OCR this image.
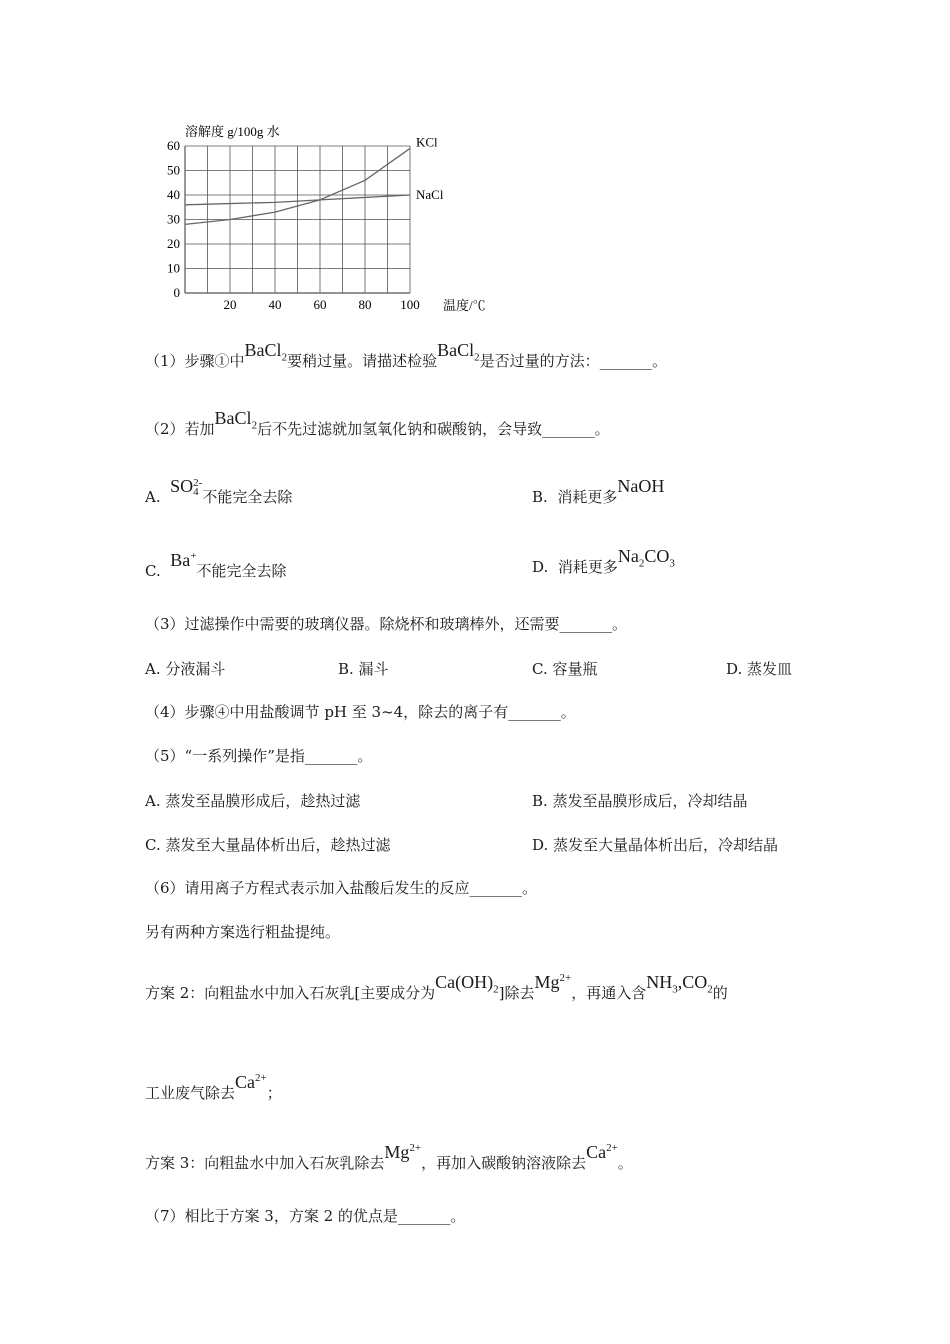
0
10
20
30
40
50
60
20 40 60 80 100
KCl
NaCl
溶解度 g/100g 水
温度/℃
（1）步骤①中BaCl$_2$要稍过量。请描述检验BaCl$_2$是否过量的方法：_______。
（2）若加BaCl$_2$后不先过滤就加氢氧化钠和碳酸钠，会导致_______。
A.  SO2-
4 不能完全去除	B. 消耗更多NaOH
C.  Ba+不能完全去除	D. 消耗更多$Na_2CO_3$
（3）过滤操作中需要的玻璃仪器。除烧杯和玻璃棒外，还需要_______。
A. 分液漏斗	B. 漏斗	C. 容量瓶	D. 蒸发皿
（4）步骤④中用盐酸调节 pH 至 3~4，除去的离子有_______。
（5）“一系列操作”是指_______。
A. 蒸发至晶膜形成后，趁热过滤	B. 蒸发至晶膜形成后，冷却结晶
C. 蒸发至大量晶体析出后，趁热过滤	D. 蒸发至大量晶体析出后，冷却结晶
（6）请用离子方程式表示加入盐酸后发生的反应_______。
另有两种方案选行粗盐提纯。
方案 2：向粗盐水中加入石灰乳[主要成分为$Ca(OH)_2$]除去$Mg^{2+}$，再通入含$NH_3,CO_2$的
工业废气除去$Ca^{2+}$；
方案 3：向粗盐水中加入石灰乳除去$Mg^{2+}$，再加入碳酸钠溶液除去$Ca^{2+}$。
（7）相比于方案 3，方案 2 的优点是_______。
